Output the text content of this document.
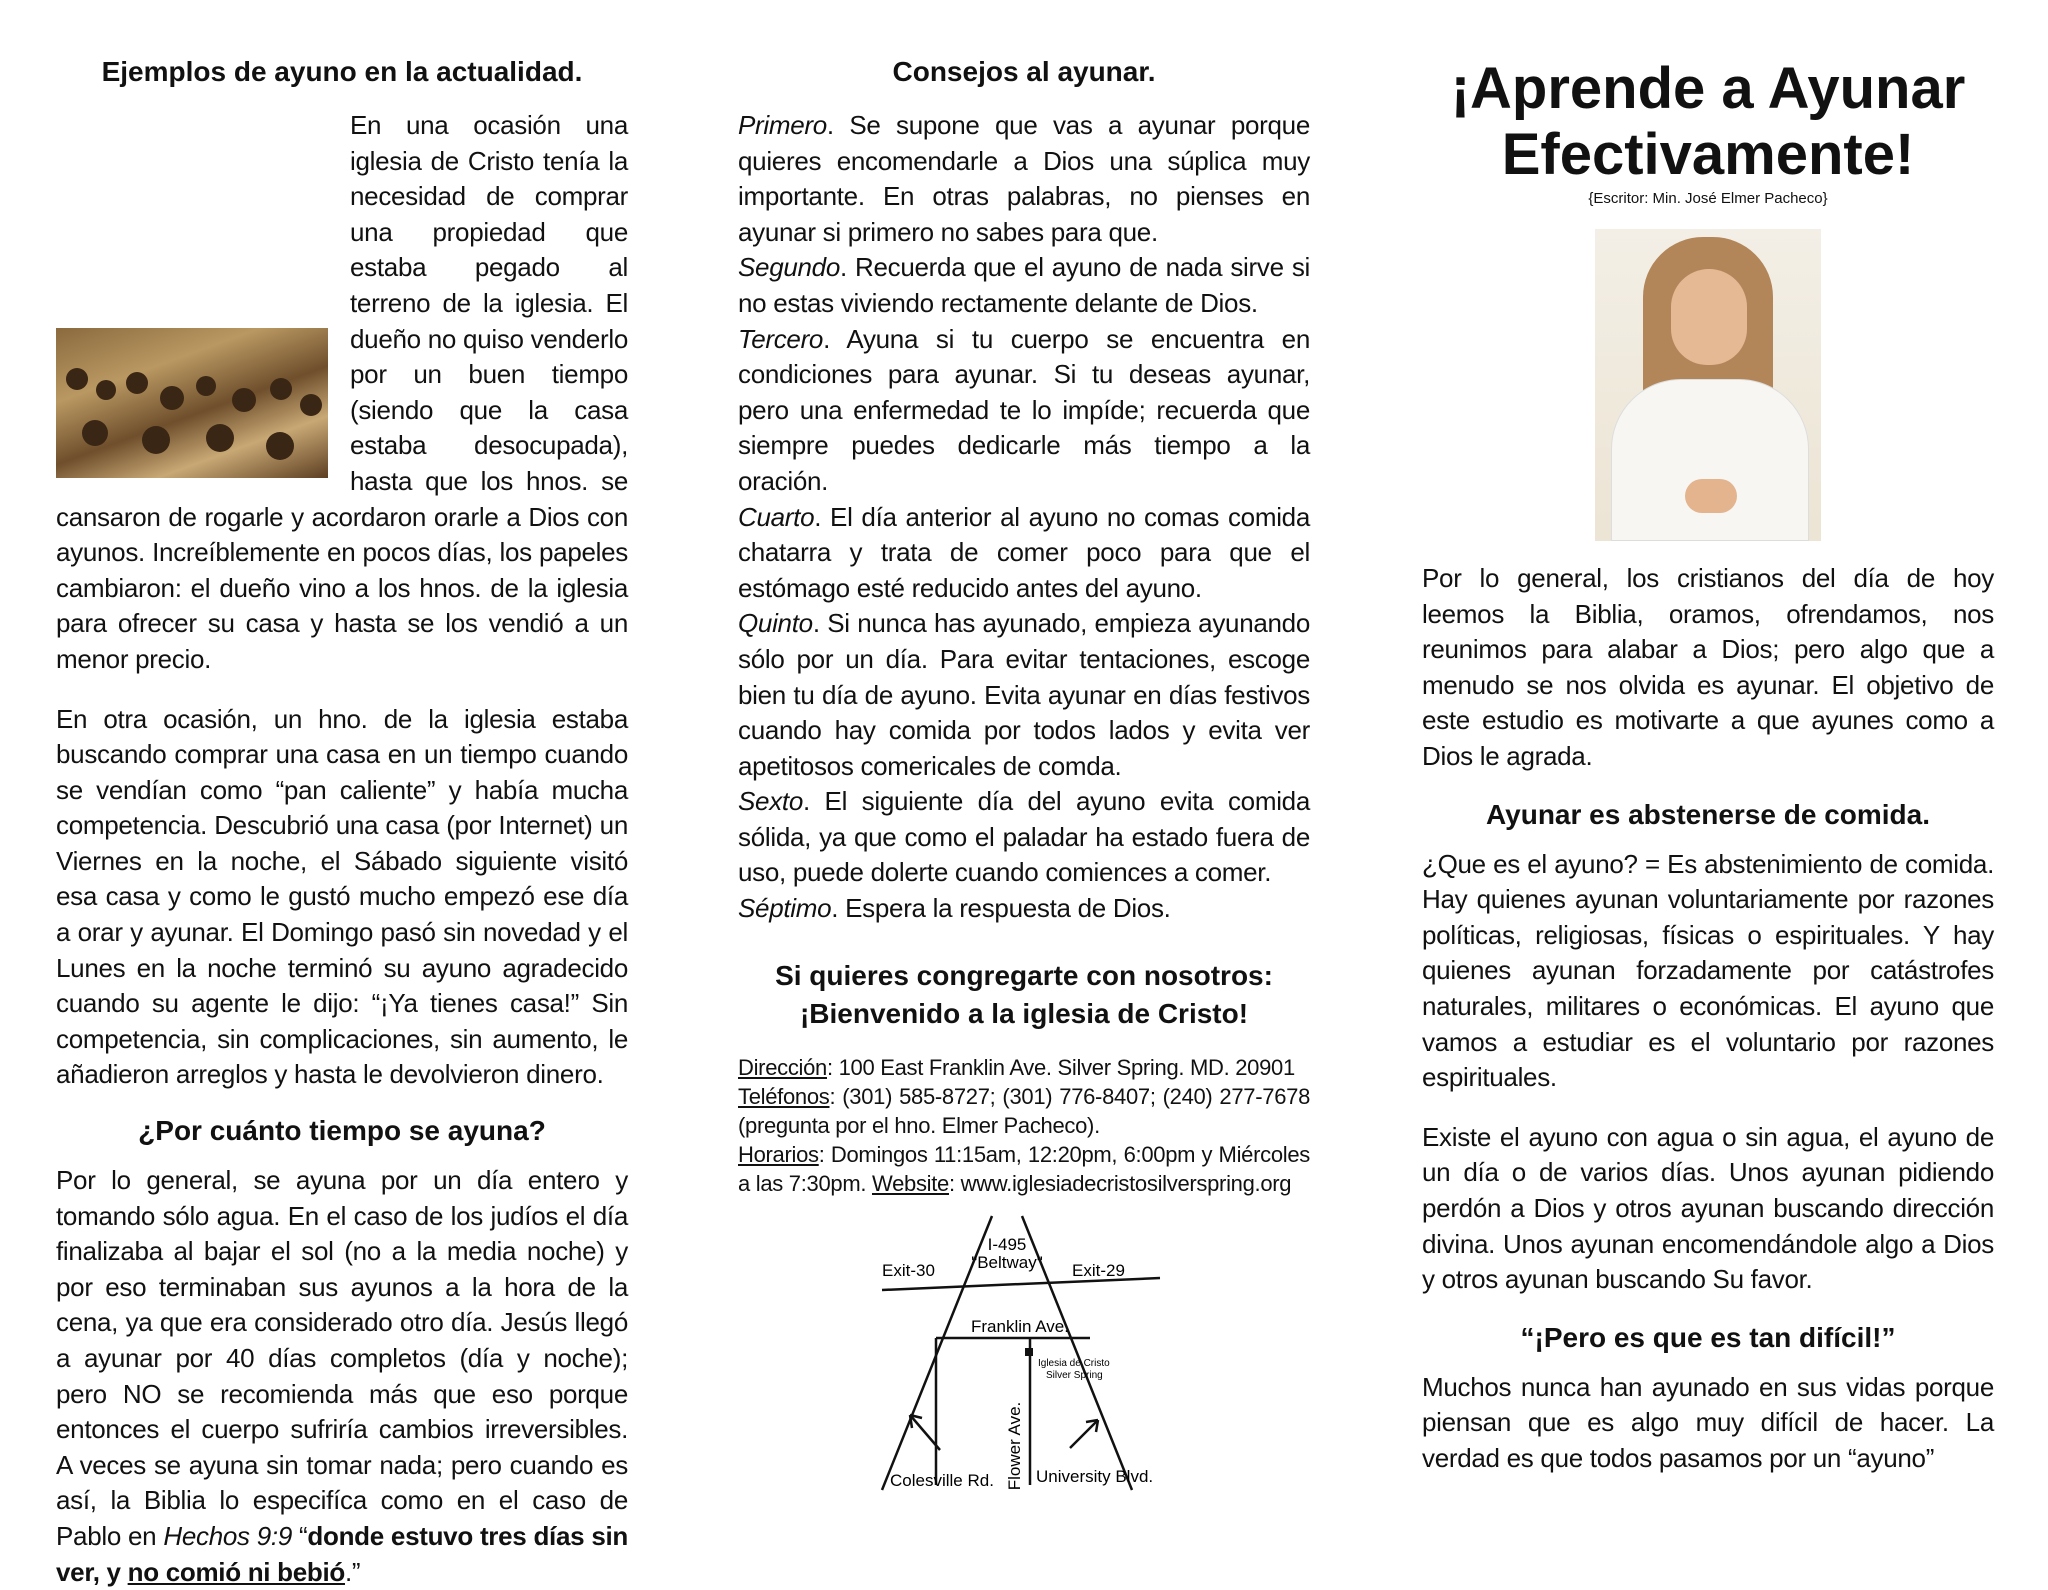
Ejemplos de ayuno en la actualidad.

En una ocasión una iglesia de Cristo tenía la necesidad de comprar una propiedad que estaba pegado al terreno de la iglesia. El dueño no quiso venderlo por un buen tiempo (siendo que la casa estaba desocupada), hasta que los hnos. se cansaron de rogarle y acordaron orarle a Dios con ayunos. Increíblemente en pocos días, los papeles cambiaron: el dueño vino a los hnos. de la iglesia para ofrecer su casa y hasta se los vendió a un menor precio.

En otra ocasión, un hno. de la iglesia estaba buscando comprar una casa en un tiempo cuando se vendían como “pan caliente” y había mucha competencia. Descubrió una casa (por Internet) un Viernes en la noche, el Sábado siguiente visitó esa casa y como le gustó mucho empezó ese día a orar y ayunar. El Domingo pasó sin novedad y el Lunes en la noche terminó su ayuno agradecido cuando su agente le dijo: “¡Ya tienes casa!” Sin competencia, sin complicaciones, sin aumento, le añadieron arreglos y hasta le devolvieron dinero.

¿Por cuánto tiempo se ayuna?

Por lo general, se ayuna por un día entero y tomando sólo agua. En el caso de los judíos el día finalizaba al bajar el sol (no a la media noche) y por eso terminaban sus ayunos a la hora de la cena, ya que era considerado otro día. Jesús llegó a ayunar por 40 días completos (día y noche); pero NO se recomienda más que eso porque entonces el cuerpo sufriría cambios irreversibles. A veces se ayuna sin tomar nada; pero cuando es así, la Biblia lo especifíca como en el caso de Pablo en Hechos 9:9 “donde estuvo tres días sin ver, y no comió ni bebió.”

Consejos al ayunar.

Primero. Se supone que vas a ayunar porque quieres encomendarle a Dios una súplica muy importante. En otras palabras, no pienses en ayunar si primero no sabes para que.
Segundo. Recuerda que el ayuno de nada sirve si no estas viviendo rectamente delante de Dios.
Tercero. Ayuna si tu cuerpo se encuentra en condiciones para ayunar. Si tu deseas ayunar, pero una enfermedad te lo impíde; recuerda que siempre puedes dedicarle más tiempo a la oración.
Cuarto. El día anterior al ayuno no comas comida chatarra y trata de comer poco para que el estómago esté reducido antes del ayuno.
Quinto. Si nunca has ayunado, empieza ayunando sólo por un día. Para evitar tentaciones, escoge bien tu día de ayuno. Evita ayunar en días festivos cuando hay comida por todos lados y evita ver apetitosos comericales de comda.
Sexto. El siguiente día del ayuno evita comida sólida, ya que como el paladar ha estado fuera de uso, puede dolerte cuando comiences a comer.
Séptimo. Espera la respuesta de Dios.

Si quieres congregarte con nosotros:
¡Bienvenido a la iglesia de Cristo!

Dirección: 100 East Franklin Ave. Silver Spring. MD. 20901
Teléfonos: (301) 585-8727; (301) 776-8407; (240) 277-7678 (pregunta por el hno. Elmer Pacheco).
Horarios: Domingos 11:15am, 12:20pm, 6:00pm y Miércoles a las 7:30pm. Website: www.iglesiadecristosilverspring.org

I-495
"Beltway"
Exit-30	Exit-29
Franklin Ave.
Iglesia de Cristo
Silver Spring
Flower Ave.
Colesville Rd. University Blvd.
¡Aprende a Ayunar
Efectivamente!
{Escritor: Min. José Elmer Pacheco}

Por lo general, los cristianos del día de hoy leemos la Biblia, oramos, ofrendamos, nos reunimos para alabar a Dios; pero algo que a menudo se nos olvida es ayunar. El objetivo de este estudio es motivarte a que ayunes como a Dios le agrada.

Ayunar es abstenerse de comida.

¿Que es el ayuno? = Es abstenimiento de comida. Hay quienes ayunan voluntariamente por razones políticas, religiosas, físicas o espirituales. Y hay quienes ayunan forzadamente por catástrofes naturales, militares o económicas. El ayuno que vamos a estudiar es el voluntario por razones espirituales.

Existe el ayuno con agua o sin agua, el ayuno de un día o de varios días. Unos ayunan pidiendo perdón a Dios y otros ayunan buscando dirección divina. Unos ayunan encomendándole algo a Dios y otros ayunan buscando Su favor.

“¡Pero es que es tan difícil!”

Muchos nunca han ayunado en sus vidas porque piensan que es algo muy difícil de hacer. La verdad es que todos pasamos por un “ayuno”
